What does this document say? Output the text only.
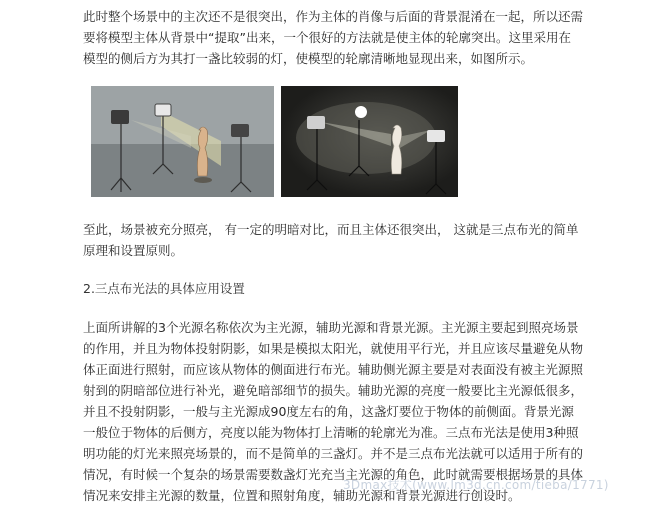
此时整个场景中的主次还不是很突出，作为主体的肖像与后面的背景混淆在一起，所以还需要将模型主体从背景中“提取”出来，一个很好的方法就是使主体的轮廓突出。这里采用在模型的侧后方为其打一盏比较弱的灯，使模型的轮廓清晰地显现出来，如图所示。

至此，场景被充分照亮， 有一定的明暗对比，而且主体还很突出， 这就是三点布光的简单原理和设置原则。

2.三点布光法的具体应用设置

上面所讲解的3个光源名称依次为主光源，辅助光源和背景光源。主光源主要起到照亮场景的作用，并且为物体投射阴影，如果是模拟太阳光，就使用平行光，并且应该尽量避免从物体正面进行照射，而应该从物体的侧面进行布光。辅助侧光源主要是对表面没有被主光源照射到的阴暗部位进行补光，避免暗部细节的损失。辅助光源的亮度一般要比主光源低很多，并且不投射阴影，一般与主光源成90度左右的角，这盏灯要位于物体的前侧面。背景光源一般位于物体的后侧方，亮度以能为物体打上清晰的轮廓光为准。三点布光法是使用3种照明功能的灯光来照亮场景的，而不是简单的三盏灯。并不是三点布光法就可以适用于所有的情况，有时候一个复杂的场景需要数盏灯光充当主光源的角色，此时就需要根据场景的具体情况来安排主光源的数量，位置和照射角度，辅助光源和背景光源进行创设时。

3Dmax技术(www.lm3d.cn.com/tieba/1771)
